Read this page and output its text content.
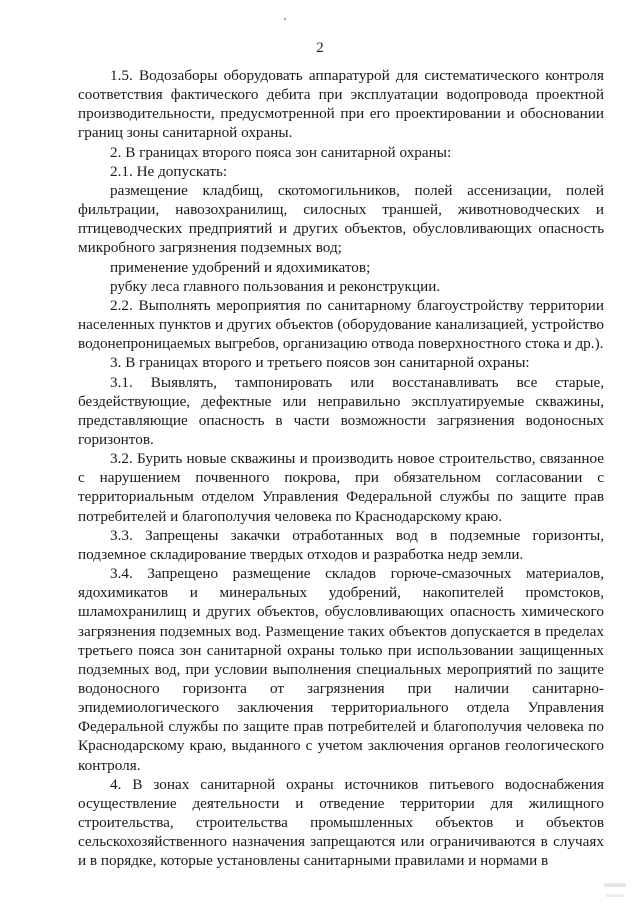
2

1.5. Водозаборы оборудовать аппаратурой для систематического контроля соответствия фактического дебита при эксплуатации водопровода проектной производительности, предусмотренной при его проектировании и обосновании границ зоны санитарной охраны.

2. В границах второго пояса зон санитарной охраны:

2.1. Не допускать:

размещение кладбищ, скотомогильников, полей ассенизации, полей фильтрации, навозохранилищ, силосных траншей, животноводческих и птицеводческих предприятий и других объектов, обусловливающих опасность микробного загрязнения подземных вод;

применение удобрений и ядохимикатов;

рубку леса главного пользования и реконструкции.

2.2. Выполнять мероприятия по санитарному благоустройству территории населенных пунктов и других объектов (оборудование канализацией, устройство водонепроницаемых выгребов, организацию отвода поверхностного стока и др.).

3. В границах второго и третьего поясов зон санитарной охраны:

3.1. Выявлять, тампонировать или восстанавливать все старые, бездействующие, дефектные или неправильно эксплуатируемые скважины, представляющие опасность в части возможности загрязнения водоносных горизонтов.

3.2. Бурить новые скважины и производить новое строительство, связанное с нарушением почвенного покрова, при обязательном согласовании с территориальным отделом Управления Федеральной службы по защите прав потребителей и благополучия человека по Краснодарскому краю.

3.3. Запрещены закачки отработанных вод в подземные горизонты, подземное складирование твердых отходов и разработка недр земли.

3.4. Запрещено размещение складов горюче-смазочных материалов, ядохимикатов и минеральных удобрений, накопителей промстоков, шламохранилищ и других объектов, обусловливающих опасность химического загрязнения подземных вод. Размещение таких объектов допускается в пределах третьего пояса зон санитарной охраны только при использовании защищенных подземных вод, при условии выполнения специальных мероприятий по защите водоносного горизонта от загрязнения при наличии санитарно-эпидемиологического заключения территориального отдела Управления Федеральной службы по защите прав потребителей и благополучия человека по Краснодарскому краю, выданного с учетом заключения органов геологического контроля.

4. В зонах санитарной охраны источников питьевого водоснабжения осуществление деятельности и отведение территории для жилищного строительства, строительства промышленных объектов и объектов сельскохозяйственного назначения запрещаются или ограничиваются в случаях и в порядке, которые установлены санитарными правилами и нормами в
